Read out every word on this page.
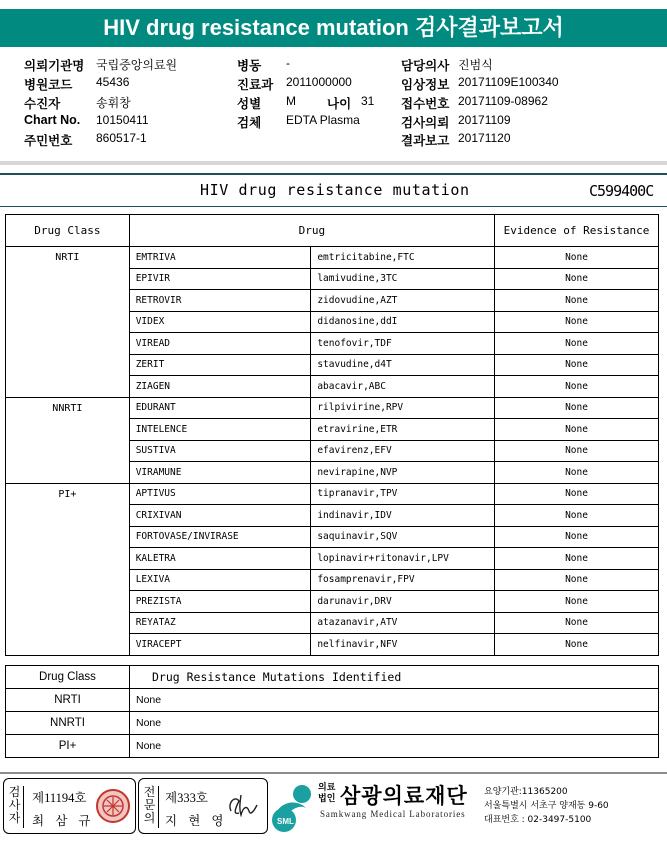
HIV drug resistance mutation 검사결과보고서
의뢰기관명 국립중앙의료원
병원코드 45436
수진자	송휘창
Chart No. 10150411
주민번호 860517-1
병동 -
진료과 2011000000
성별 M 나이 31
검체 EDTA Plasma
담당의사 진범식
임상정보 20171109E100340
접수번호 20171109-08962
검사의뢰 20171109
결과보고 20171120
HIV drug resistance mutation	C599400C
Drug Class	Drug		Evidence of Resistance
NRTI	EMTRIVA	emtricitabine,FTC	None
	EPIVIR	lamivudine,3TC	None
	RETROVIR	zidovudine,AZT	None
	VIDEX	didanosine,ddI	None
	VIREAD	tenofovir,TDF	None
	ZERIT	stavudine,d4T	None
	ZIAGEN	abacavir,ABC	None
NNRTI	EDURANT	rilpivirine,RPV	None
	INTELENCE	etravirine,ETR	None
	SUSTIVA	efavirenz,EFV	None
	VIRAMUNE	nevirapine,NVP	None
PI+	APTIVUS	tipranavir,TPV	None
	CRIXIVAN	indinavir,IDV	None
	FORTOVASE/INVIRASE	saquinavir,SQV	None
	KALETRA	lopinavir+ritonavir,LPV	None
	LEXIVA	fosamprenavir,FPV	None
	PREZISTA	darunavir,DRV	None
	REYATAZ	atazanavir,ATV	None
	VIRACEPT	nelfinavir,NFV	None
Drug Class	Drug Resistance Mutations Identified
NRTI	None
NNRTI	None
PI+	None
검
사
자
제11194호
최 삼 규
전
문
의
제333호
지 현 영	SML
의료법인 삼광의료재단
Samkwang Medical Laboratories
요양기관:11365200
서울특별시 서초구 양재동 9-60
대표번호 : 02-3497-5100
